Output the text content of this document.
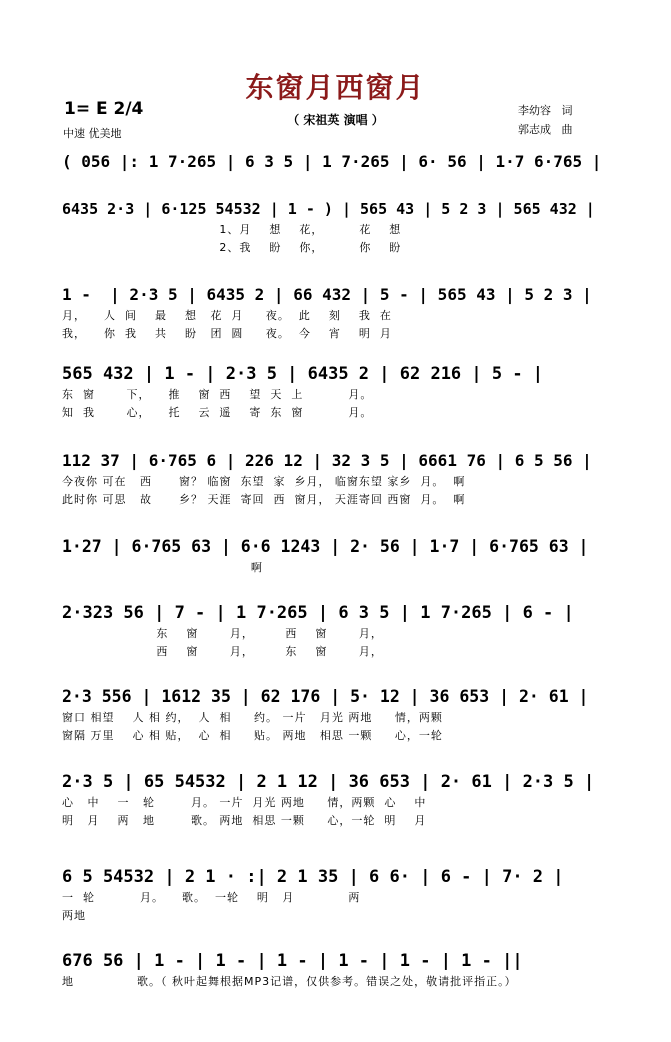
东窗月西窗月
（ 宋祖英 演唱 ）
1= E 2/4
中速 优美地
李幼容   词
郭志成   曲
( 056 |: 1 7·265 | 6 3 5 | 1 7·265 | 6· 56 | 1·7 6·765 |
6435 2·3 | 6·125 54532 | 1 - ) | 565 43 | 5 2 3 | 565 432 |
1、月    想    花，        花    想
2、我    盼    你，        你    盼
1 -  | 2·3 5 | 6435 2 | 66 432 | 5 - | 565 43 | 5 2 3 |
月，    人  间    最    想   花  月     夜。  此    刻    我  在
我，    你  我    共    盼   团  圆     夜。  今    宵    明  月
565 432 | 1 - | 2·3 5 | 6435 2 | 62 216 | 5 - |
东  窗       下，    推    窗  西    望  天  上          月。
知  我       心，    托    云  遥    寄  东  窗          月。
112 37 | 6·765 6 | 226 12 | 32 3 5 | 6661 76 | 6 5 56 |
今夜你 可在   西      窗？ 临窗  东望  家  乡月， 临窗东望 家乡  月。  啊
此时你 可思   故      乡？ 天涯  寄回  西  窗月， 天涯寄回 西窗  月。  啊
1·27 | 6·765 63 | 6·6 1243 | 2· 56 | 1·7 | 6·765 63 |
啊
2·323 56 | 7 - | 1 7·265 | 6 3 5 | 1 7·265 | 6 - |
东    窗       月，       西    窗       月，
西    窗       月，       东    窗       月，
2·3 556 | 1612 35 | 62 176 | 5· 12 | 36 653 | 2· 61 |
窗口 相望    人 相 约，  人  相     约。 一片   月光 两地     情，两颗
窗隔 万里    心 相 贴，  心  相     贴。 两地   相思 一颗     心，一轮
2·3 5 | 65 54532 | 2 1 12 | 36 653 | 2· 61 | 2·3 5 |
心   中    一   轮        月。 一片  月光 两地     情，两颗  心    中
明   月    两   地        歌。 两地  相思 一颗     心，一轮  明    月
6 5 54532 | 2 1 · :| 2 1 35 | 6 6· | 6 - | 7· 2 |
一  轮          月。    歌。  一轮    明   月            两
两地
676 56 | 1 - | 1 - | 1 - | 1 - | 1 - | 1 - ||
地              歌。（ 秋叶起舞根据MP3记谱，仅供参考。错误之处，敬请批评指正。）
